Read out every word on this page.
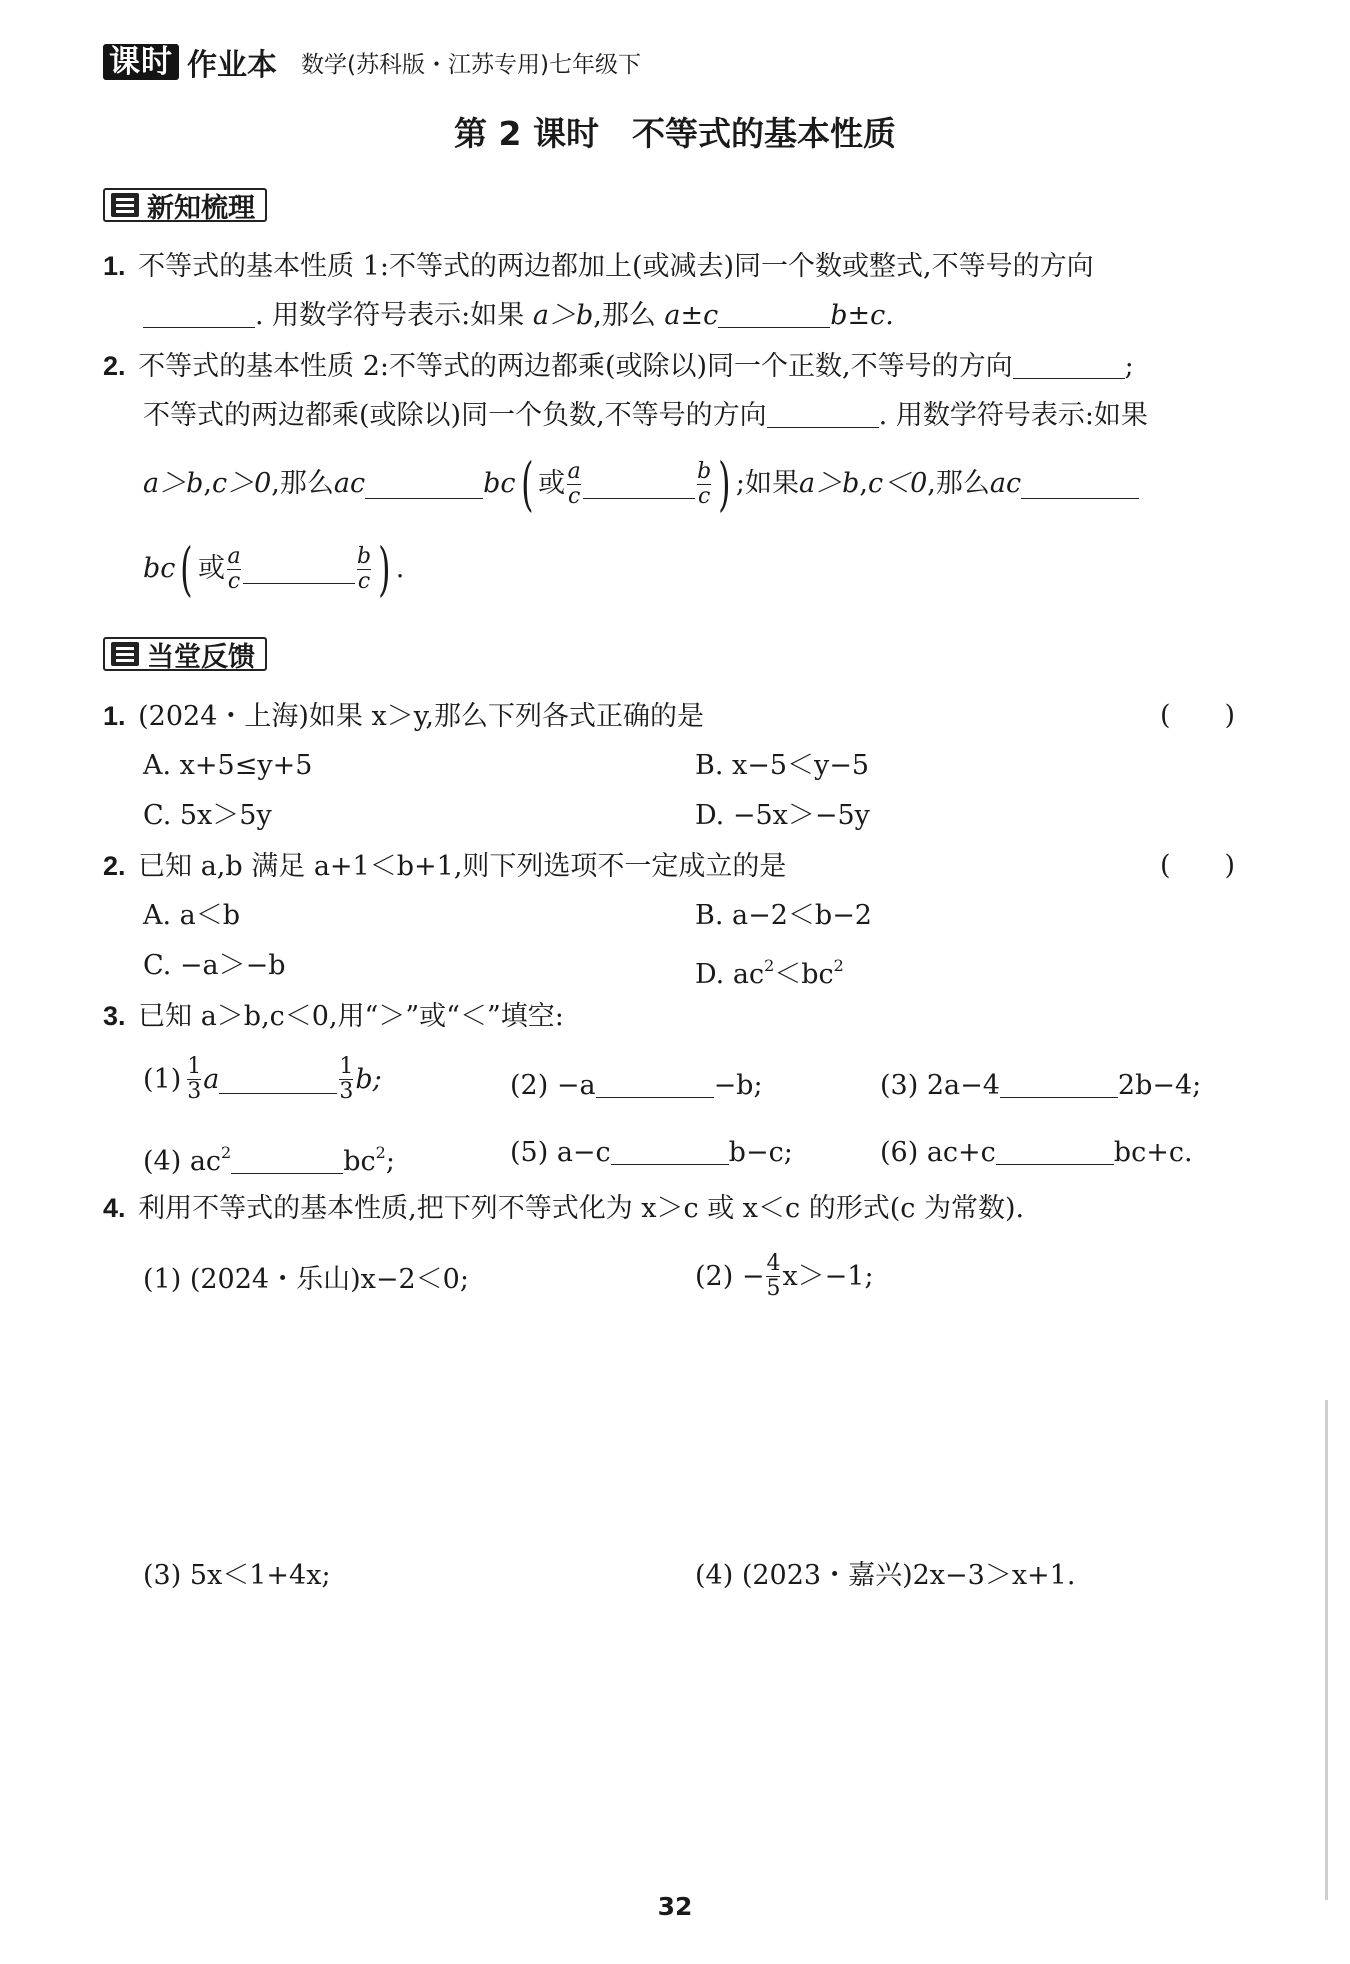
课时 作业本 数学(苏科版・江苏专用)七年级下
第 2 课时　不等式的基本性质
新知梳理
1. 不等式的基本性质 1:不等式的两边都加上(或减去)同一个数或整式,不等号的方向
. 用数学符号表示:如果 a＞b,那么 a±c	b±c.
2. 不等式的基本性质 2:不等式的两边都乘(或除以)同一个正数,不等号的方向	;
不等式的两边都乘(或除以)同一个负数,不等号的方向	. 用数学符号表示:如果
a＞b , c＞0 ,那么 ac	bc ( 或 $\frac{a}{c}$	$\frac{b}{c}$ ) ;如果 a＞b , c＜0 ,那么 ac
bc ( 或 $\frac{a}{c}$	$\frac{b}{c}$ ) .
当堂反馈
1. (2024・上海)如果 x＞y,那么下列各式正确的是	(　　)
A. x+5≤y+5	B. x−5＜y−5
C. 5x＞5y	D. −5x＞−5y
2. 已知 a,b 满足 a+1＜b+1,则下列选项不一定成立的是	(　　)
A. a＜b	B. a−2＜b−2
C. −a＞−b	D. $ac^2<bc^2$
3. 已知 a＞b,c＜0,用“＞”或“＜”填空:
$(1) \frac{1}{3}$ a	$\frac{1}{3} b$;	(2) −a	−b;	(3) 2a−4	2b−4;
(4) $ac^2$	$bc^2$;	(5) a−c	b−c;	(6) ac+c	bc+c.
4. 利用不等式的基本性质,把下列不等式化为 x＞c 或 x＜c 的形式(c 为常数).
(1) (2024・乐山)x−2＜0;	$(2) - \frac{4}{5} x>-1$;
(3) 5x＜1+4x;	(4) (2023・嘉兴)2x−3＞x+1.
32
